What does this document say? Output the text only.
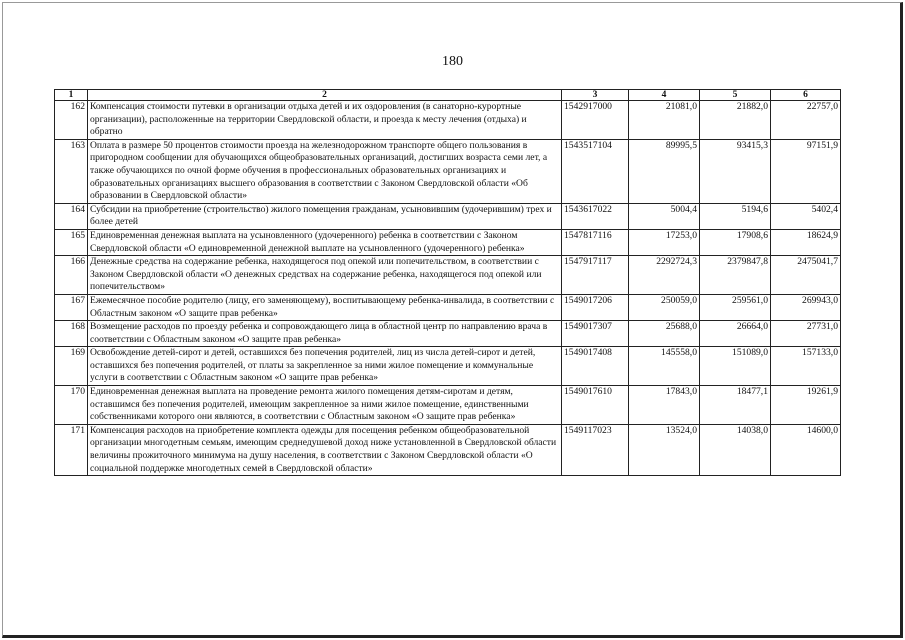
180
1	2	3	4	5	6
162	Компенсация стоимости путевки в организации отдыха детей и их оздоровления (в санаторно-курортные организации), расположенные на территории Свердловской области, и проезда к месту лечения (отдыха) и обратно	1542917000	21081,0	21882,0	22757,0
163	Оплата в размере 50 процентов стоимости проезда на железнодорожном транспорте общего пользования в пригородном сообщении для обучающихся общеобразовательных организаций, достигших возраста семи лет, а также обучающихся по очной форме обучения в профессиональных образовательных организациях и образовательных организациях высшего образования в соответствии с Законом Свердловской области «Об образовании в Свердловской области»	1543517104	89995,5	93415,3	97151,9
164	Субсидии на приобретение (строительство) жилого помещения гражданам, усыновившим (удочерившим) трех и более детей	1543617022	5004,4	5194,6	5402,4
165	Единовременная денежная выплата на усыновленного (удочеренного) ребенка в соответствии с Законом Свердловской области «О единовременной денежной выплате на усыновленного (удочеренного) ребенка»	1547817116	17253,0	17908,6	18624,9
166	Денежные средства на содержание ребенка, находящегося под опекой или попечительством, в соответствии с Законом Свердловской области «О денежных средствах на содержание ребенка, находящегося под опекой или попечительством»	1547917117	2292724,3	2379847,8	2475041,7
167	Ежемесячное пособие родителю (лицу, его заменяющему), воспитывающему ребенка-инвалида, в соответствии с Областным законом «О защите прав ребенка»	1549017206	250059,0	259561,0	269943,0
168	Возмещение расходов по проезду ребенка и сопровождающего лица в областной центр по направлению врача в соответствии с Областным законом «О защите прав ребенка»	1549017307	25688,0	26664,0	27731,0
169	Освобождение детей-сирот и детей, оставшихся без попечения родителей, лиц из числа детей-сирот и детей, оставшихся без попечения родителей, от платы за закрепленное за ними жилое помещение и коммунальные услуги в соответствии с Областным законом «О защите прав ребенка»	1549017408	145558,0	151089,0	157133,0
170	Единовременная денежная выплата на проведение ремонта жилого помещения детям-сиротам и детям, оставшимся без попечения родителей, имеющим закрепленное за ними жилое помещение, единственными собственниками которого они являются, в соответствии с Областным законом «О защите прав ребенка»	1549017610	17843,0	18477,1	19261,9
171	Компенсация расходов на приобретение комплекта одежды для посещения ребенком общеобразовательной организации многодетным семьям, имеющим среднедушевой доход ниже установленной в Свердловской области величины прожиточного минимума на душу населения, в соответствии с Законом Свердловской области «О социальной поддержке многодетных семей в Свердловской области»	1549117023	13524,0	14038,0	14600,0
